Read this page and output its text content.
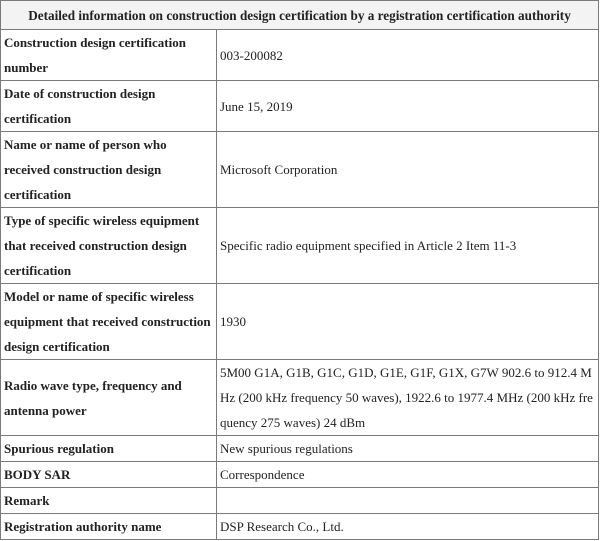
Detailed information on construction design certification by a registration certification authority	
Construction design certification number	003-200082
Date of construction design certification	June 15, 2019
Name or name of person who received construction design certification	Microsoft Corporation
Type of specific wireless equipment that received construction design certification	Specific radio equipment specified in Article 2 Item 11-3
Model or name of specific wireless equipment that received construction design certification	1930
Radio wave type, frequency and antenna power	5M00 G1A, G1B, G1C, G1D, G1E, G1F, G1X, G7W 902.6 to 912.4 MHz (200 kHz frequency 50 waves), 1922.6 to 1977.4 MHz (200 kHz frequency 275 waves) 24 dBm
Spurious regulation	New spurious regulations
BODY SAR	Correspondence
Remark	
Registration authority name	DSP Research Co., Ltd.
